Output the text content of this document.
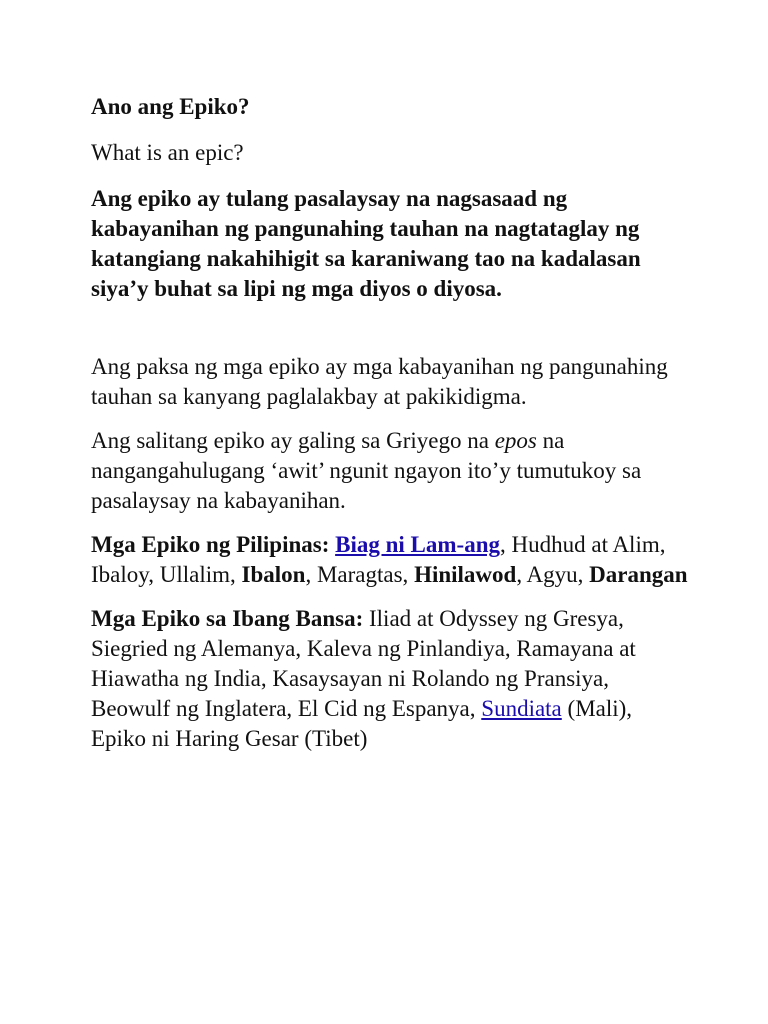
Ano ang Epiko?
What is an epic?
Ang epiko ay tulang pasalaysay na nagsasaad ng kabayanihan ng pangunahing tauhan na nagtataglay ng katangiang nakahihigit sa karaniwang tao na kadalasan siya’y buhat sa lipi ng mga diyos o diyosa.

Ang paksa ng mga epiko ay mga kabayanihan ng pangunahing tauhan sa kanyang paglalakbay at pakikidigma.

Ang salitang epiko ay galing sa Griyego na epos na nangangahulugang ‘awit’ ngunit ngayon ito’y tumutukoy sa pasalaysay na kabayanihan.

Mga Epiko ng Pilipinas: Biag ni Lam-ang, Hudhud at Alim, Ibaloy, Ullalim, Ibalon, Maragtas, Hinilawod, Agyu, Darangan

Mga Epiko sa Ibang Bansa: Iliad at Odyssey ng Gresya, Siegried ng Alemanya, Kaleva ng Pinlandiya, Ramayana at Hiawatha ng India, Kasaysayan ni Rolando ng Pransiya, Beowulf ng Inglatera, El Cid ng Espanya, Sundiata (Mali), Epiko ni Haring Gesar (Tibet)
